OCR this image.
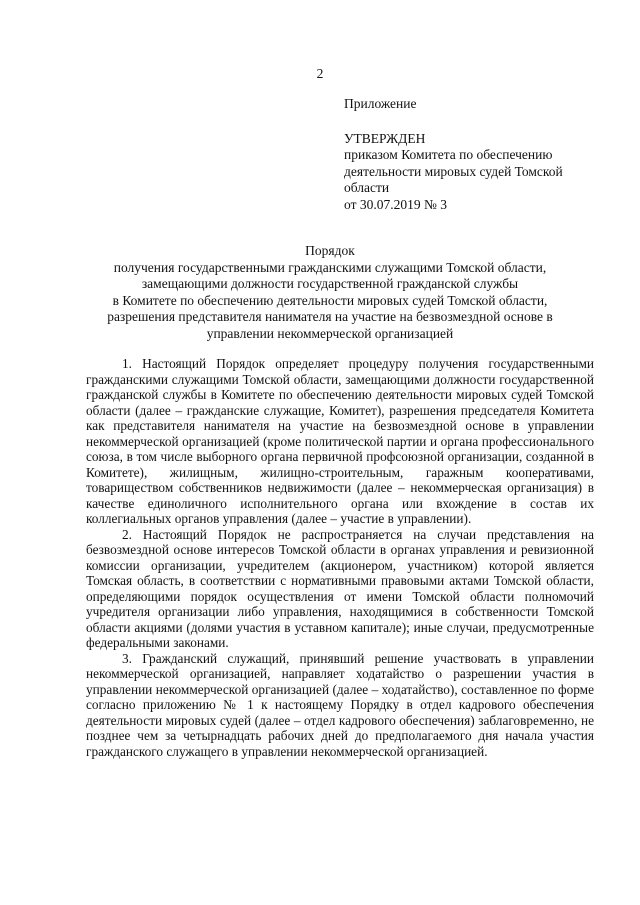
2

Приложение

УТВЕРЖДЕН

приказом Комитета по обеспечению

деятельности мировых судей Томской

области

от 30.07.2019 № 3

Порядок

получения государственными гражданскими служащими Томской области,

замещающими должности государственной гражданской службы

в Комитете по обеспечению деятельности мировых судей Томской области,

разрешения представителя нанимателя на участие на безвозмездной основе в

управлении некоммерческой организацией

1. Настоящий Порядок определяет процедуру получения государственными гражданскими служащими Томской области, замещающими должности государственной гражданской службы в Комитете по обеспечению деятельности мировых судей Томской области (далее – гражданские служащие, Комитет), разрешения председателя Комитета как представителя нанимателя на участие на безвозмездной основе в управлении некоммерческой организацией (кроме политической партии и органа профессионального союза, в том числе выборного органа первичной профсоюзной организации, созданной в Комитете), жилищным, жилищно-строительным, гаражным кооперативами, товариществом собственников недвижимости (далее – некоммерческая организация) в качестве единоличного исполнительного органа или вхождение в состав их коллегиальных органов управления (далее – участие в управлении).

2. Настоящий Порядок не распространяется на случаи представления на безвозмездной основе интересов Томской области в органах управления и ревизионной комиссии организации, учредителем (акционером, участником) которой является Томская область, в соответствии с нормативными правовыми актами Томской области, определяющими порядок осуществления от имени Томской области полномочий учредителя организации либо управления, находящимися в собственности Томской области акциями (долями участия в уставном капитале); иные случаи, предусмотренные федеральными законами.

3. Гражданский служащий, принявший решение участвовать в управлении некоммерческой организацией, направляет ходатайство о разрешении участия в управлении некоммерческой организацией (далее – ходатайство), составленное по форме согласно приложению № 1 к настоящему Порядку в отдел кадрового обеспечения деятельности мировых судей (далее – отдел кадрового обеспечения) заблаговременно, не позднее чем за четырнадцать рабочих дней до предполагаемого дня начала участия гражданского служащего в управлении некоммерческой организацией.
